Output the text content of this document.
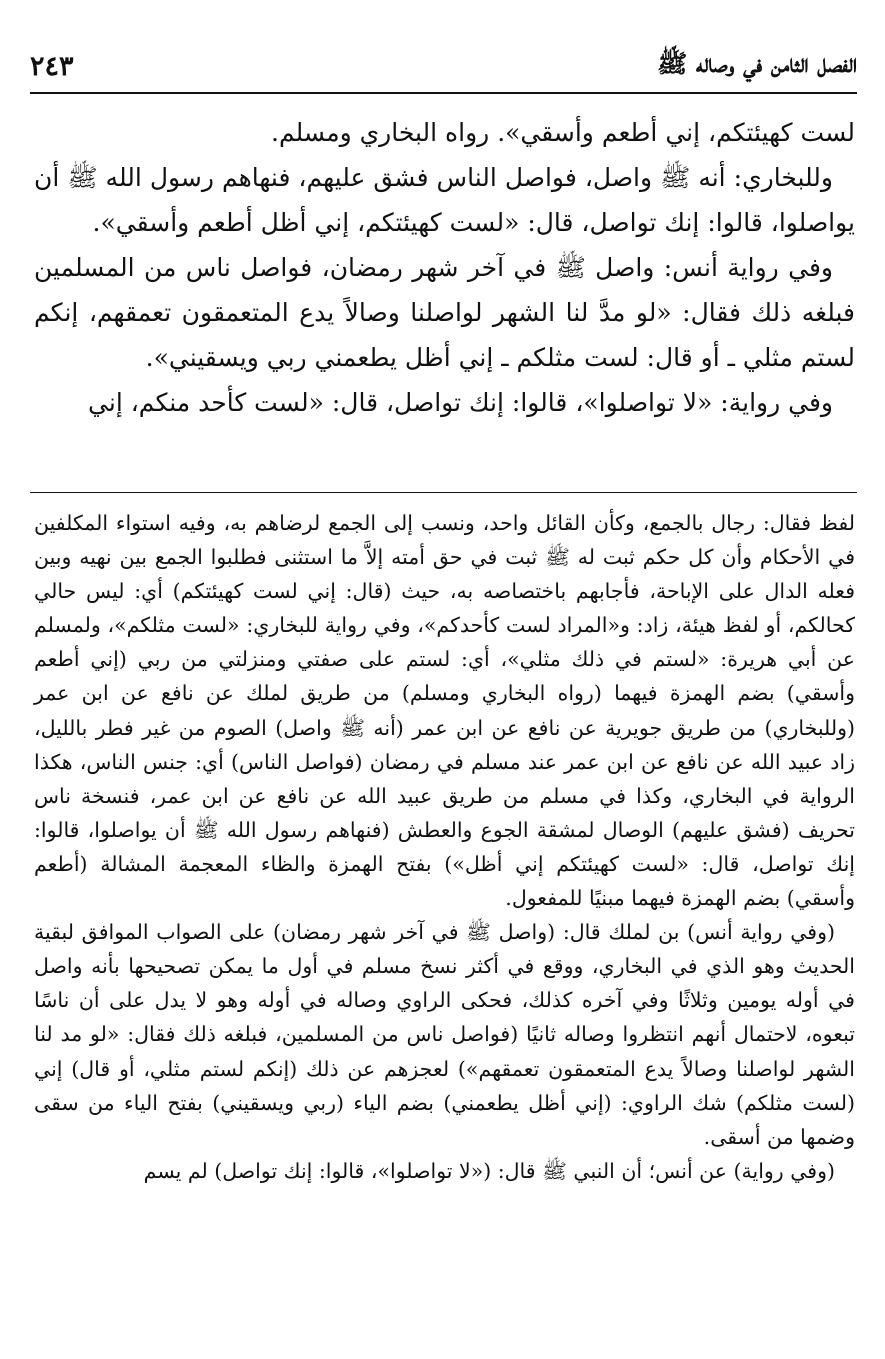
الفصل الثامن في وصاله ﷺ
٢٤٣

لست كهيئتكم، إني أطعم وأسقي». رواه البخاري ومسلم.

وللبخاري: أنه ﷺ واصل، فواصل الناس فشق عليهم، فنهاهم رسول الله ﷺ أن يواصلوا، قالوا: إنك تواصل، قال: «لست كهيئتكم، إني أظل أطعم وأسقي».

وفي رواية أنس: واصل ﷺ في آخر شهر رمضان، فواصل ناس من المسلمين فبلغه ذلك فقال: «لو مدَّ لنا الشهر لواصلنا وصالاً يدع المتعمقون تعمقهم، إنكم لستم مثلي ـ أو قال: لست مثلكم ـ إني أظل يطعمني ربي ويسقيني».

وفي رواية: «لا تواصلوا»، قالوا: إنك تواصل، قال: «لست كأحد منكم، إني

لفظ فقال: رجال بالجمع، وكأن القائل واحد، ونسب إلى الجمع لرضاهم به، وفيه استواء المكلفين في الأحكام وأن كل حكم ثبت له ﷺ ثبت في حق أمته إلاَّ ما استثنى فطلبوا الجمع بين نهيه وبين فعله الدال على الإباحة، فأجابهم باختصاصه به، حيث (قال: إني لست كهيئتكم) أي: ليس حالي كحالكم، أو لفظ هيئة، زاد: و«المراد لست كأحدكم»، وفي رواية للبخاري: «لست مثلكم»، ولمسلم عن أبي هريرة: «لستم في ذلك مثلي»، أي: لستم على صفتي ومنزلتي من ربي (إني أطعم وأسقي) بضم الهمزة فيهما (رواه البخاري ومسلم) من طريق لملك عن نافع عن ابن عمر (وللبخاري) من طريق جويرية عن نافع عن ابن عمر (أنه ﷺ واصل) الصوم من غير فطر بالليل، زاد عبيد الله عن نافع عن ابن عمر عند مسلم في رمضان (فواصل الناس) أي: جنس الناس، هكذا الرواية في البخاري، وكذا في مسلم من طريق عبيد الله عن نافع عن ابن عمر، فنسخة ناس تحريف (فشق عليهم) الوصال لمشقة الجوع والعطش (فنهاهم رسول الله ﷺ أن يواصلوا، قالوا: إنك تواصل، قال: «لست كهيئتكم إني أظل») بفتح الهمزة والظاء المعجمة المشالة (أطعم وأسقي) بضم الهمزة فيهما مبنيًا للمفعول.

(وفي رواية أنس) بن لملك قال: (واصل ﷺ في آخر شهر رمضان) على الصواب الموافق لبقية الحديث وهو الذي في البخاري، ووقع في أكثر نسخ مسلم في أول ما يمكن تصحيحها بأنه واصل في أوله يومين وثلاثًا وفي آخره كذلك، فحكى الراوي وصاله في أوله وهو لا يدل على أن ناسًا تبعوه، لاحتمال أنهم انتظروا وصاله ثانيًا (فواصل ناس من المسلمين، فبلغه ذلك فقال: «لو مد لنا الشهر لواصلنا وصالاً يدع المتعمقون تعمقهم») لعجزهم عن ذلك (إنكم لستم مثلي، أو قال) إني (لست مثلكم) شك الراوي: (إني أظل يطعمني) بضم الياء (ربي ويسقيني) بفتح الياء من سقى وضمها من أسقى.

(وفي رواية) عن أنس؛ أن النبي ﷺ قال: («لا تواصلوا»، قالوا: إنك تواصل) لم يسم
